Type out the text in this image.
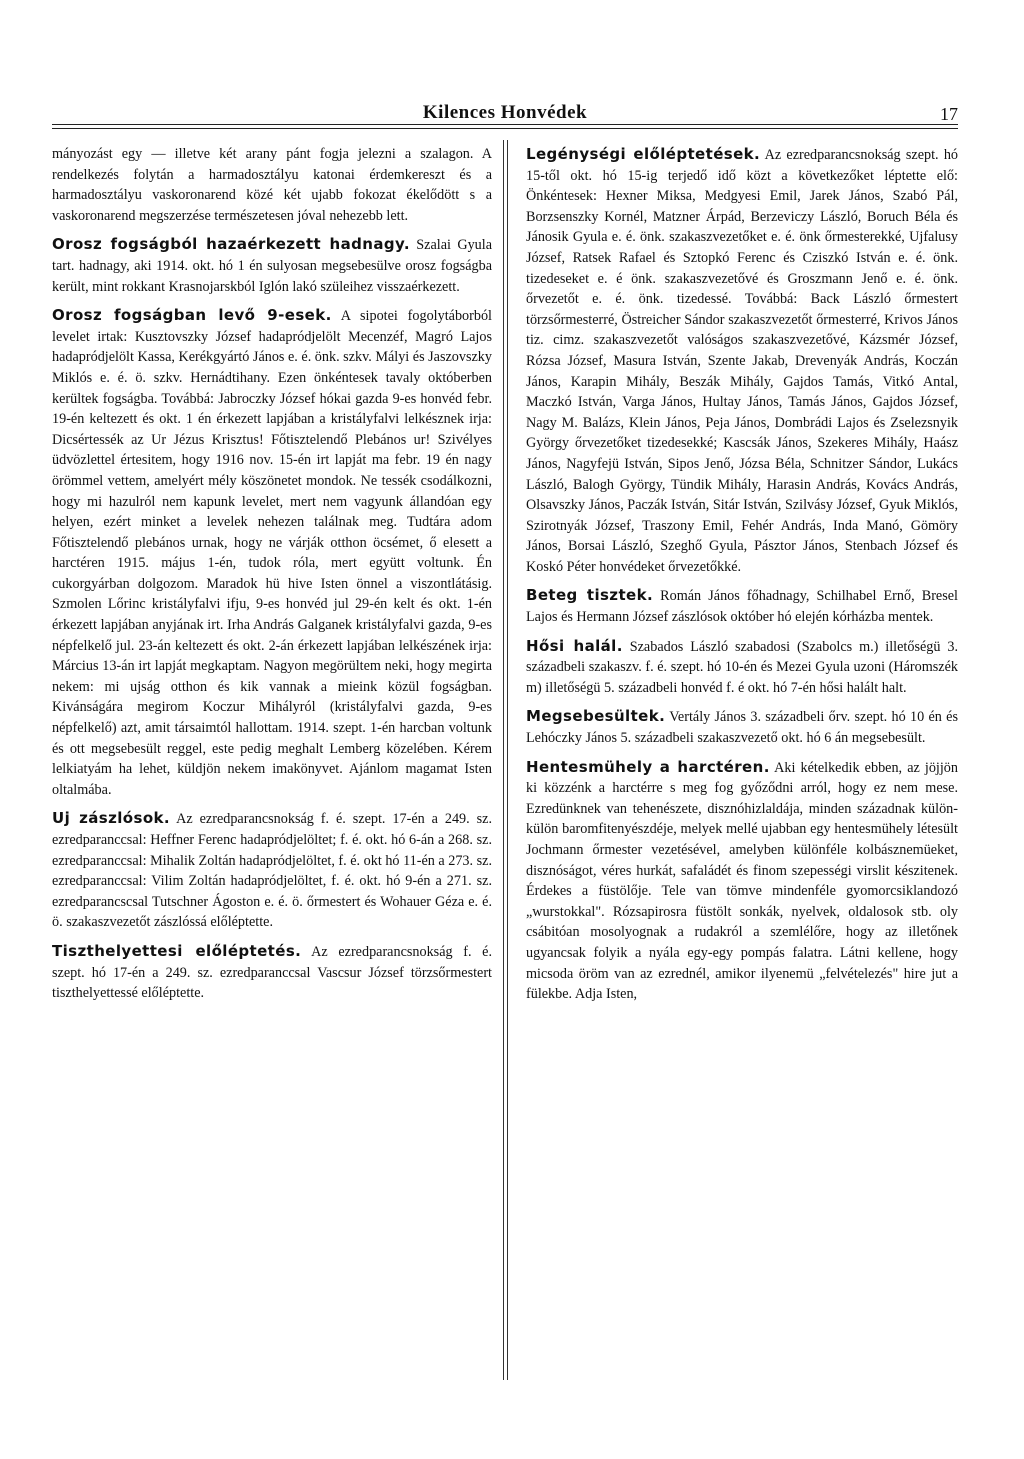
Kilences Honvédek	17

mányozást egy — illetve két arany pánt fogja jelezni a szalagon. A rendelkezés folytán a harmadosztályu katonai érdemkereszt és a harmadosztályu vaskoronarend közé két ujabb fokozat ékelődött s a vaskoronarend megszerzése természetesen jóval nehezebb lett.

Orosz fogságból hazaérkezett hadnagy. Szalai Gyula tart. hadnagy, aki 1914. okt. hó 1 én sulyosan megsebesülve orosz fogságba került, mint rokkant Krasnojarskból Iglón lakó szüleihez visszaérkezett.

Orosz fogságban levő 9-esek. A sipotei fogolytáborból levelet irtak: Kusztovszky József hadapródjelölt Mecenzéf, Magró Lajos hadapródjelölt Kassa, Kerékgyártó János e. é. önk. szkv. Mályi és Jaszovszky Miklós e. é. ö. szkv. Hernádtihany. Ezen önkéntesek tavaly októberben kerültek fogságba. Továbbá: Jabroczky József hókai gazda 9-es honvéd febr. 19-én keltezett és okt. 1 én érkezett lapjában a kristályfalvi lelkésznek irja: Dicsértessék az Ur Jézus Krisztus! Főtisztelendő Plebános ur! Szivélyes üdvözlettel értesitem, hogy 1916 nov. 15-én irt lapját ma febr. 19 én nagy örömmel vettem, amelyért mély köszönetet mondok. Ne tessék csodálkozni, hogy mi hazulról nem kapunk levelet, mert nem vagyunk állandóan egy helyen, ezért minket a levelek nehezen találnak meg. Tudtára adom Főtisztelendő plebános urnak, hogy ne várják otthon öcsémet, ő elesett a harctéren 1915. május 1-én, tudok róla, mert együtt voltunk. Én cukorgyárban dolgozom. Maradok hü hive Isten önnel a viszontlátásig. Szmolen Lőrinc kristályfalvi ifju, 9-es honvéd jul 29-én kelt és okt. 1-én érkezett lapjában anyjának irt. Irha András Galganek kristályfalvi gazda, 9-es népfelkelő jul. 23-án keltezett és okt. 2-án érkezett lapjában lelkészének irja: Március 13-án irt lapját megkaptam. Nagyon megörültem neki, hogy megirta nekem: mi ujság otthon és kik vannak a mieink közül fogságban. Kivánságára megirom Koczur Mihályról (kristályfalvi gazda, 9-es népfelkelő) azt, amit társaimtól hallottam. 1914. szept. 1-én harcban voltunk és ott megsebesült reggel, este pedig meghalt Lemberg közelében. Kérem lelkiatyám ha lehet, küldjön nekem imakönyvet. Ajánlom magamat Isten oltalmába.

Uj zászlósok. Az ezredparancsnokság f. é. szept. 17-én a 249. sz. ezredparanccsal: Heffner Ferenc hadapródjelöltet; f. é. okt. hó 6-án a 268. sz. ezredparanccsal: Mihalik Zoltán hadapródjelöltet, f. é. okt hó 11-én a 273. sz. ezredparanccsal: Vilim Zoltán hadapródjelöltet, f. é. okt. hó 9-én a 271. sz. ezredparancscsal Tutschner Ágoston e. é. ö. őrmestert és Wohauer Géza e. é. ö. szakaszvezetőt zászlóssá előléptette.

Tiszthelyettesi előléptetés. Az ezredparancsnokság f. é. szept. hó 17-én a 249. sz. ezredparanccsal Vascsur József törzsőrmestert tiszthelyettessé előléptette.

Legénységi előléptetések. Az ezredparancsnokság szept. hó 15-től okt. hó 15-ig terjedő idő közt a következőket léptette elő: Önkéntesek: Hexner Miksa, Medgyesi Emil, Jarek János, Szabó Pál, Borzsenszky Kornél, Matzner Árpád, Berzeviczy László, Boruch Béla és Jánosik Gyula e. é. önk. szakaszvezetőket e. é. önk őrmesterekké, Ujfalusy József, Ratsek Rafael és Sztopkó Ferenc és Cziszkó István e. é. önk. tizedeseket e. é önk. szakaszvezetővé és Groszmann Jenő e. é. önk. őrvezetőt e. é. önk. tizedessé. Továbbá: Back László őrmestert törzsőrmesterré, Östreicher Sándor szakaszvezetőt őrmesterré, Krivos János tiz. cimz. szakaszvezetőt valóságos szakaszvezetővé, Kázsmér József, Rózsa József, Masura István, Szente Jakab, Drevenyák András, Koczán János, Karapin Mihály, Beszák Mihály, Gajdos Tamás, Vitkó Antal, Maczkó István, Varga János, Hultay János, Tamás János, Gajdos József, Nagy M. Balázs, Klein János, Peja János, Dombrádi Lajos és Zselezsnyik György őrvezetőket tizedesekké; Kascsák János, Szekeres Mihály, Haász János, Nagyfejü István, Sipos Jenő, Józsa Béla, Schnitzer Sándor, Lukács László, Balogh György, Tündik Mihály, Harasin András, Kovács András, Olsavszky János, Paczák István, Sitár István, Szilvásy József, Gyuk Miklós, Szirotnyák József, Traszony Emil, Fehér András, Inda Manó, Gömöry János, Borsai László, Szeghő Gyula, Pásztor János, Stenbach József és Koskó Péter honvédeket őrvezetőkké.

Beteg tisztek. Román János főhadnagy, Schilhabel Ernő, Bresel Lajos és Hermann József zászlósok október hó elején kórházba mentek.

Hősi halál. Szabados László szabadosi (Szabolcs m.) illetőségü 3. századbeli szakaszv. f. é. szept. hó 10-én és Mezei Gyula uzoni (Háromszék m) illetőségü 5. századbeli honvéd f. é okt. hó 7-én hősi halált halt.

Megsebesültek. Vertály János 3. századbeli őrv. szept. hó 10 én és Lehóczky János 5. századbeli szakaszvezető okt. hó 6 án megsebesült.

Hentesmühely a harctéren. Aki kételkedik ebben, az jöjjön ki közzénk a harctérre s meg fog győződni arról, hogy ez nem mese. Ezredünknek van tehenészete, disznóhizlaldája, minden századnak külön-külön baromfitenyészdéje, melyek mellé ujabban egy hentesmühely létesült Jochmann őrmester vezetésével, amelyben különféle kolbásznemüeket, disznóságot, véres hurkát, safaládét és finom szepességi virslit készitenek. Érdekes a füstölője. Tele van tömve mindenféle gyomorcsiklandozó „wurstokkal". Rózsapirosra füstölt sonkák, nyelvek, oldalosok stb. oly csábitóan mosolyognak a rudakról a szemlélőre, hogy az illetőnek ugyancsak folyik a nyála egy-egy pompás falatra. Látni kellene, hogy micsoda öröm van az ezrednél, amikor ilyenemü „felvételezés" hire jut a fülekbe. Adja Isten,
